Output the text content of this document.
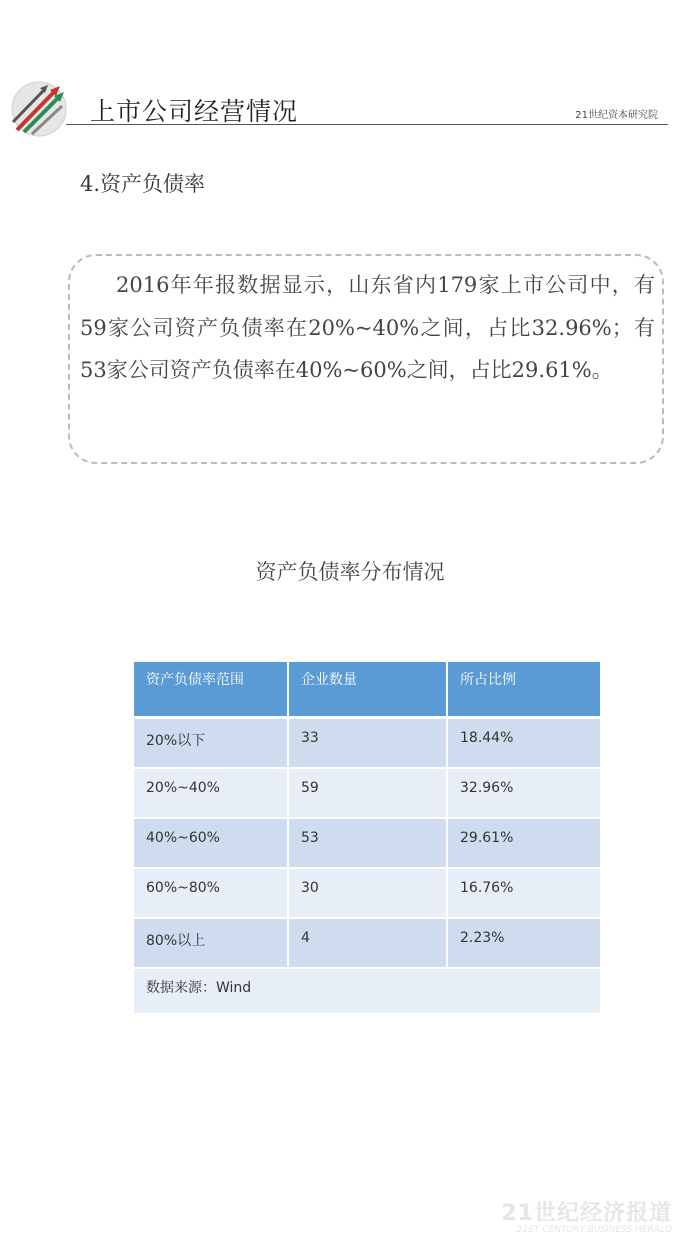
上市公司经营情况	21世纪资本研究院
4.资产负债率
2016年年报数据显示，山东省内179家上市公司中，有59家公司资产负债率在20%~40%之间，占比32.96%；有53家公司资产负债率在40%~60%之间，占比29.61%。
资产负债率分布情况
资产负债率范围	企业数量	所占比例
20%以下	33	18.44%
20%~40%	59	32.96%
40%~60%	53	29.61%
60%~80%	30	16.76%
80%以上	4	2.23%
数据来源：Wind		
21世纪经济报道
21ST CENTURY BUSINESS HERALD
